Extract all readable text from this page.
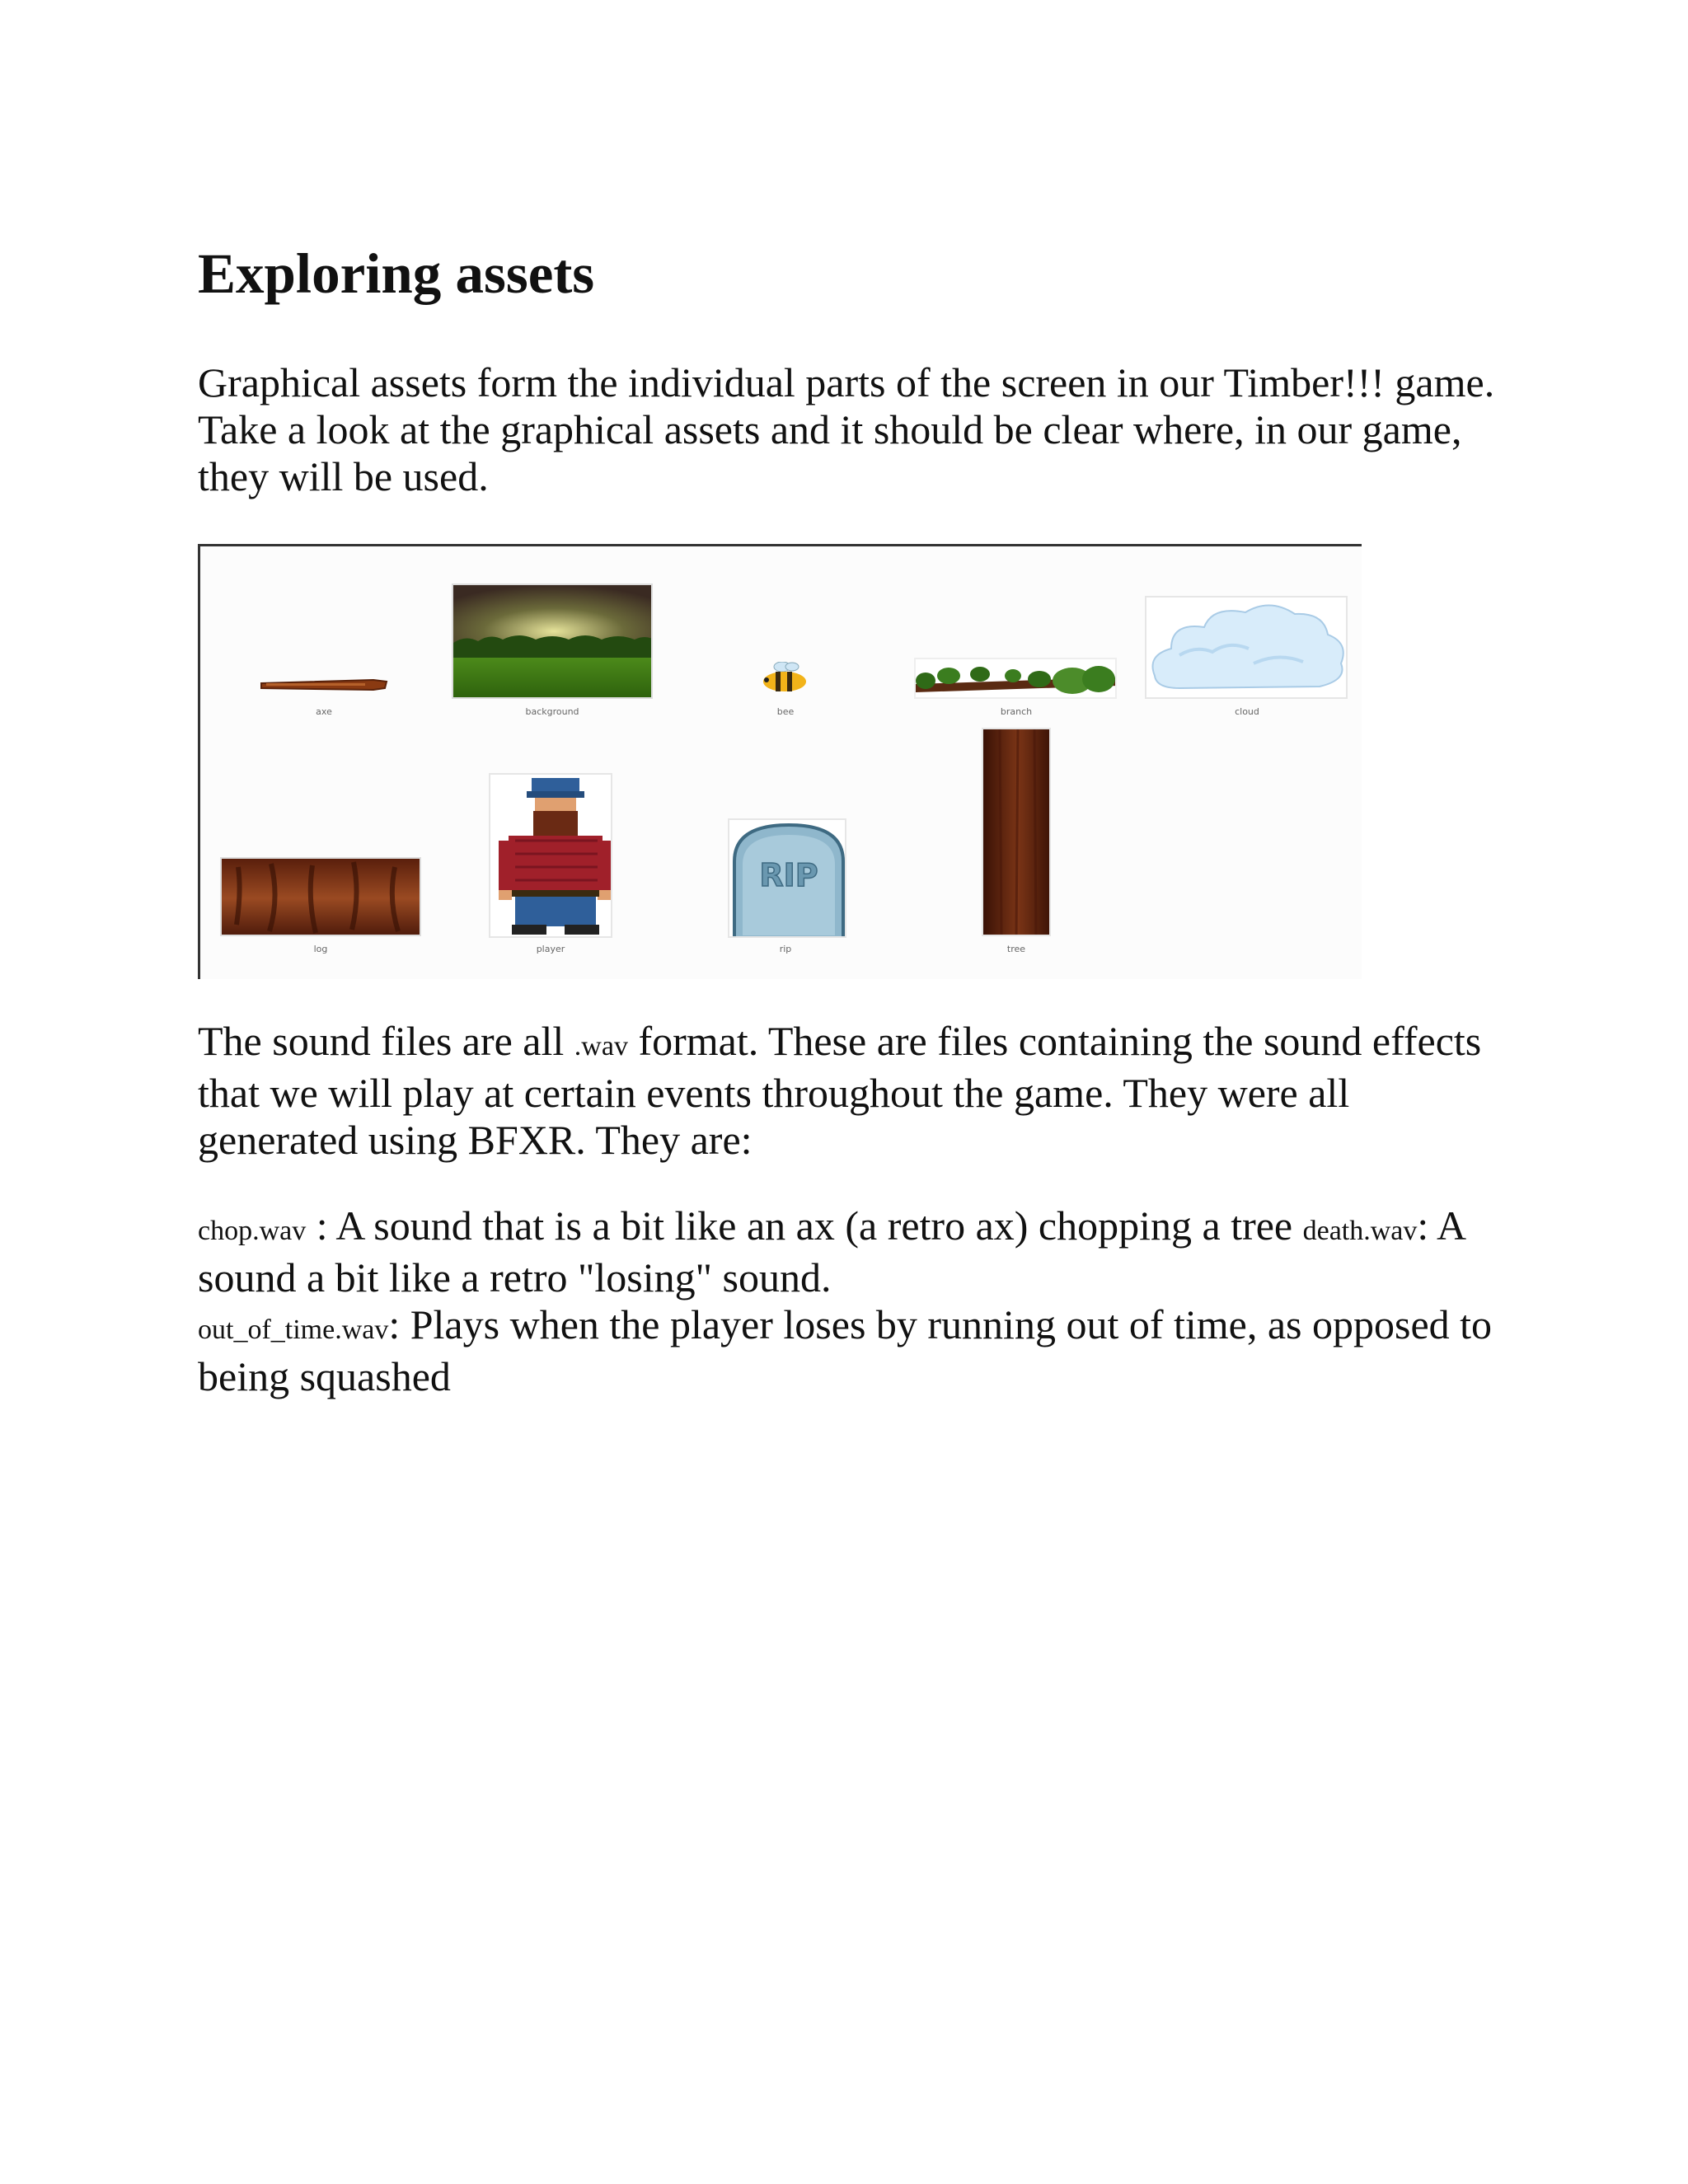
Exploring assets

Graphical assets form the individual parts of the screen in our Timber!!! game. Take a look at the graphical assets and it should be clear where, in our game, they will be used.

The sound files are all .wav format. These are files containing the sound effects that we will play at certain events throughout the game. They were all generated using BFXR. They are:

chop.wav : A sound that is a bit like an ax (a retro ax) chopping a tree death.wav: A sound a bit like a retro "losing" sound.
out_of_time.wav: Plays when the player loses by running out of time, as opposed to being squashed

axe	background	bee	branch	cloud
log	player
RIP
rip	tree
